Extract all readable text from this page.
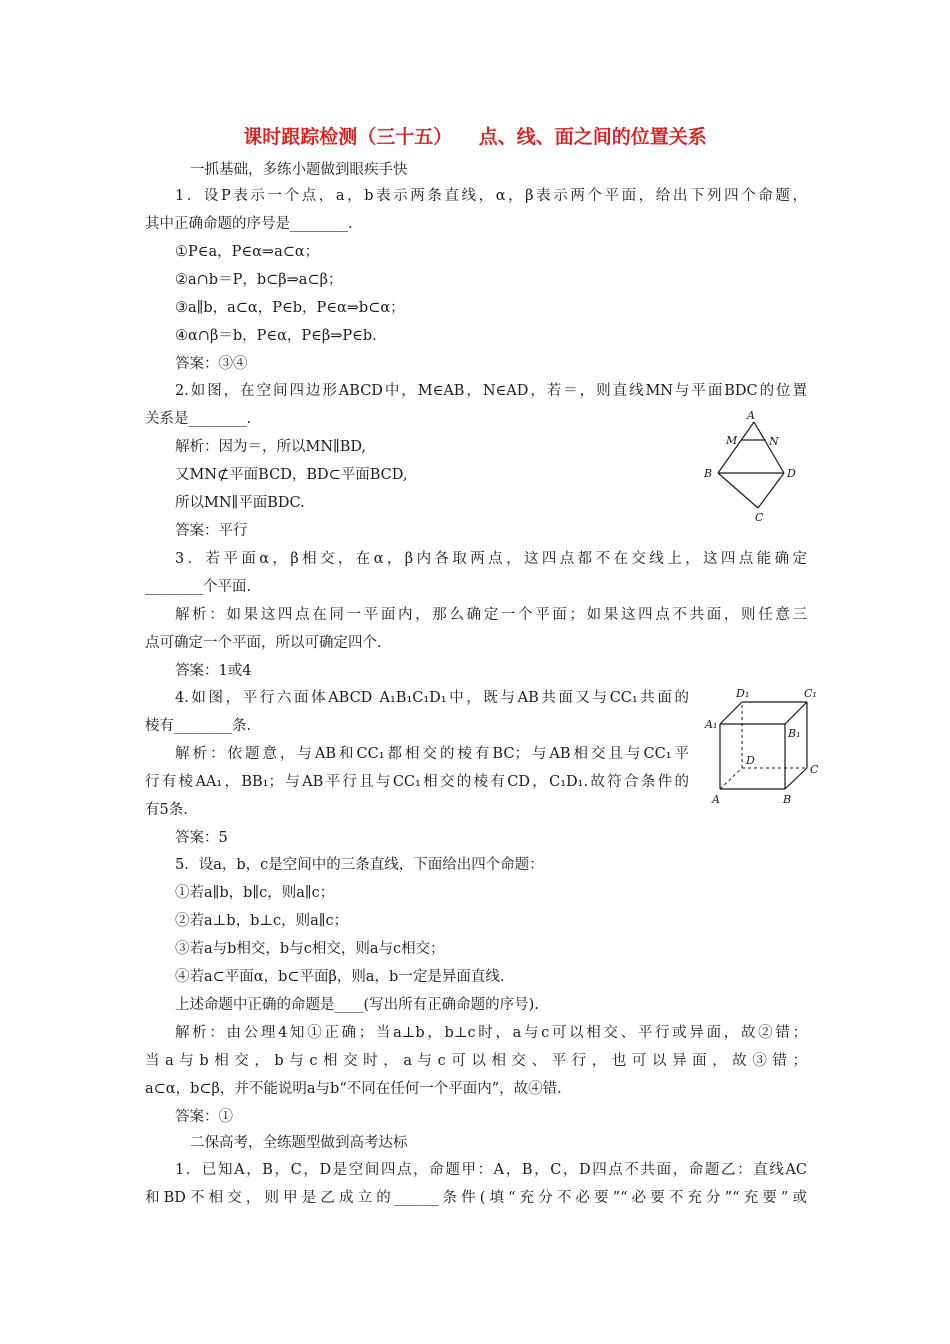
课时跟踪检测（三十五）    点、线、面之间的位置关系
一抓基础，多练小题做到眼疾手快
1．设P表示一个点，a，b表示两条直线，α，β表示两个平面，给出下列四个命题，
其中正确命题的序号是________.
①P∈a，P∈α⇒a⊂α；
②a∩b＝P，b⊂β⇒a⊂β；
③a∥b，a⊂α，P∈b，P∈α⇒b⊂α；
④α∩β＝b，P∈α，P∈β⇒P∈b.
答案：③④
2.如图，在空间四边形ABCD中，M∈AB，N∈AD，若＝，则直线MN与平面BDC的位置
关系是________.
解析：因为＝，所以MN∥BD,
又MN⊄平面BCD，BD⊂平面BCD,
所以MN∥平面BDC.
答案：平行
A
M	N
B	D
C
3．若平面α，β相交，在α，β内各取两点，这四点都不在交线上，这四点能确定
________个平面.
解析：如果这四点在同一平面内，那么确定一个平面；如果这四点不共面，则任意三
点可确定一个平面，所以可确定四个.
答案：1或4
4.如图，平行六面体ABCD A₁B₁C₁D₁中，既与AB共面又与CC₁共面的
棱有________条.
解析：依题意，与AB和CC₁都相交的棱有BC；与AB相交且与CC₁平
行有棱AA₁，BB₁；与AB平行且与CC₁相交的棱有CD，C₁D₁.故符合条件的
有5条.
答案：5
D₁	C₁
A₁
B₁
D
C
A	B
5．设a，b，c是空间中的三条直线，下面给出四个命题：
①若a∥b，b∥c，则a∥c；
②若a⊥b，b⊥c，则a∥c；
③若a与b相交，b与c相交，则a与c相交；
④若a⊂平面α，b⊂平面β，则a，b一定是异面直线.
上述命题中正确的命题是____(写出所有正确命题的序号).
解析：由公理4知①正确；当a⊥b，b⊥c时，a与c可以相交、平行或异面，故②错；
当a与b相交，b与c相交时，a与c可以相交、平行，也可以异面，故③错；
a⊂α，b⊂β，并不能说明a与b“不同在任何一个平面内”，故④错.
答案：①
二保高考，全练题型做到高考达标
1．已知A，B，C，D是空间四点，命题甲：A，B，C，D四点不共面，命题乙：直线AC
和BD不相交，则甲是乙成立的______条件(填“充分不必要”“必要不充分”“充要”或
